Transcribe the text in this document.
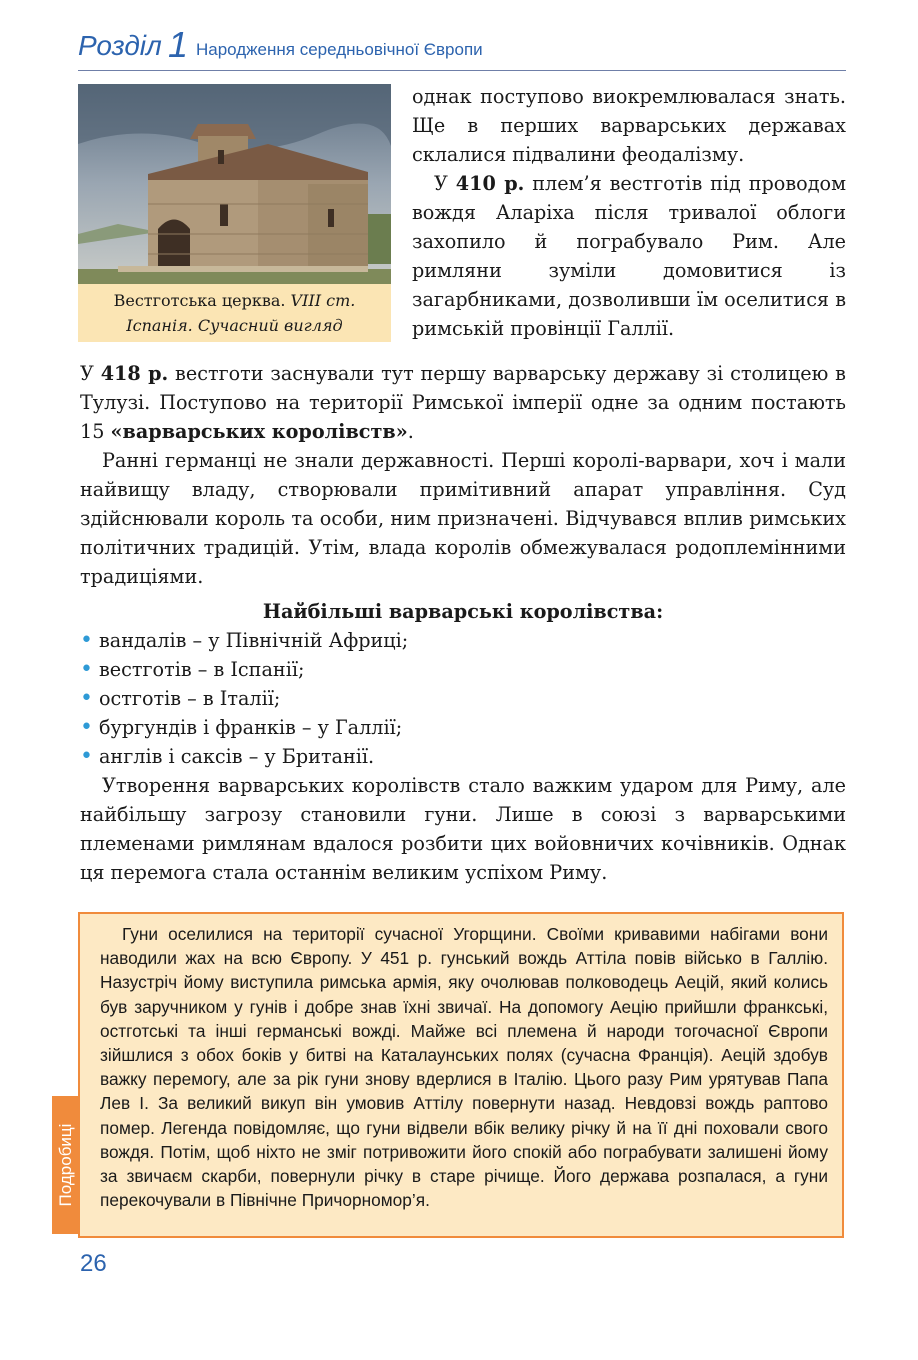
Розділ 1 Народження середньовічної Європи
Вестготська церква. VIII ст.
Іспанія. Сучасний вигляд

однак поступово виокремлювалася знать. Ще в перших варварських державах склалися підвалини феодалізму.

У 410 р. плем’я вестготів під проводом вождя Аларіха після тривалої облоги захопило й пограбувало Рим. Але римляни зуміли домовитися із загарбниками, дозволивши їм оселитися в римській провінції Галлії.

У 418 р. вестготи заснували тут першу варварську державу зі столицею в Тулузі. Поступово на території Римської імперії одне за одним постають 15 «варварських королівств».

Ранні германці не знали державності. Перші королі-варвари, хоч і мали найвищу владу, створювали примітивний апарат управління. Суд здійснювали король та особи, ним призначені. Відчувався вплив римських політичних традицій. Утім, влада королів обмежувалася родоплемінними традиціями.

Найбільші варварські королівства:

• вандалів – у Північній Африці;
• вестготів – в Іспанії;
• остготів – в Італії;
• бургундів і франків – у Галлії;
• англів і саксів – у Британії.

Утворення варварських королівств стало важким ударом для Риму, але найбільшу загрозу становили гуни. Лише в союзі з варварськими племенами римлянам вдалося розбити цих войовничих кочівників. Однак ця перемога стала останнім великим успіхом Риму.

Подробиці

Гуни оселилися на території сучасної Угорщини. Своїми кривавими набігами вони наводили жах на всю Європу. У 451 р. гунський вождь Аттіла повів військо в Галлію. Назустріч йому виступила римська армія, яку очолював полководець Аецій, який колись був заручником у гунів і добре знав їхні звичаї. На допомогу Аецію прийшли франкські, остготські та інші германські вожді. Майже всі племена й народи тогочасної Європи зійшлися з обох боків у битві на Каталаунських полях (сучасна Франція). Аецій здобув важку перемогу, але за рік гуни знову вдерлися в Італію. Цього разу Рим урятував Папа Лев І. За великий викуп він умовив Аттілу повернути назад. Невдовзі вождь раптово помер. Легенда повідомляє, що гуни відвели вбік велику річку й на її дні поховали свого вождя. Потім, щоб ніхто не зміг потривожити його спокій або пограбувати залишені йому за звичаєм скарби, повернули річку в старе річище. Його держава розпалася, а гуни перекочували в Північне Причорномор’я.

26
